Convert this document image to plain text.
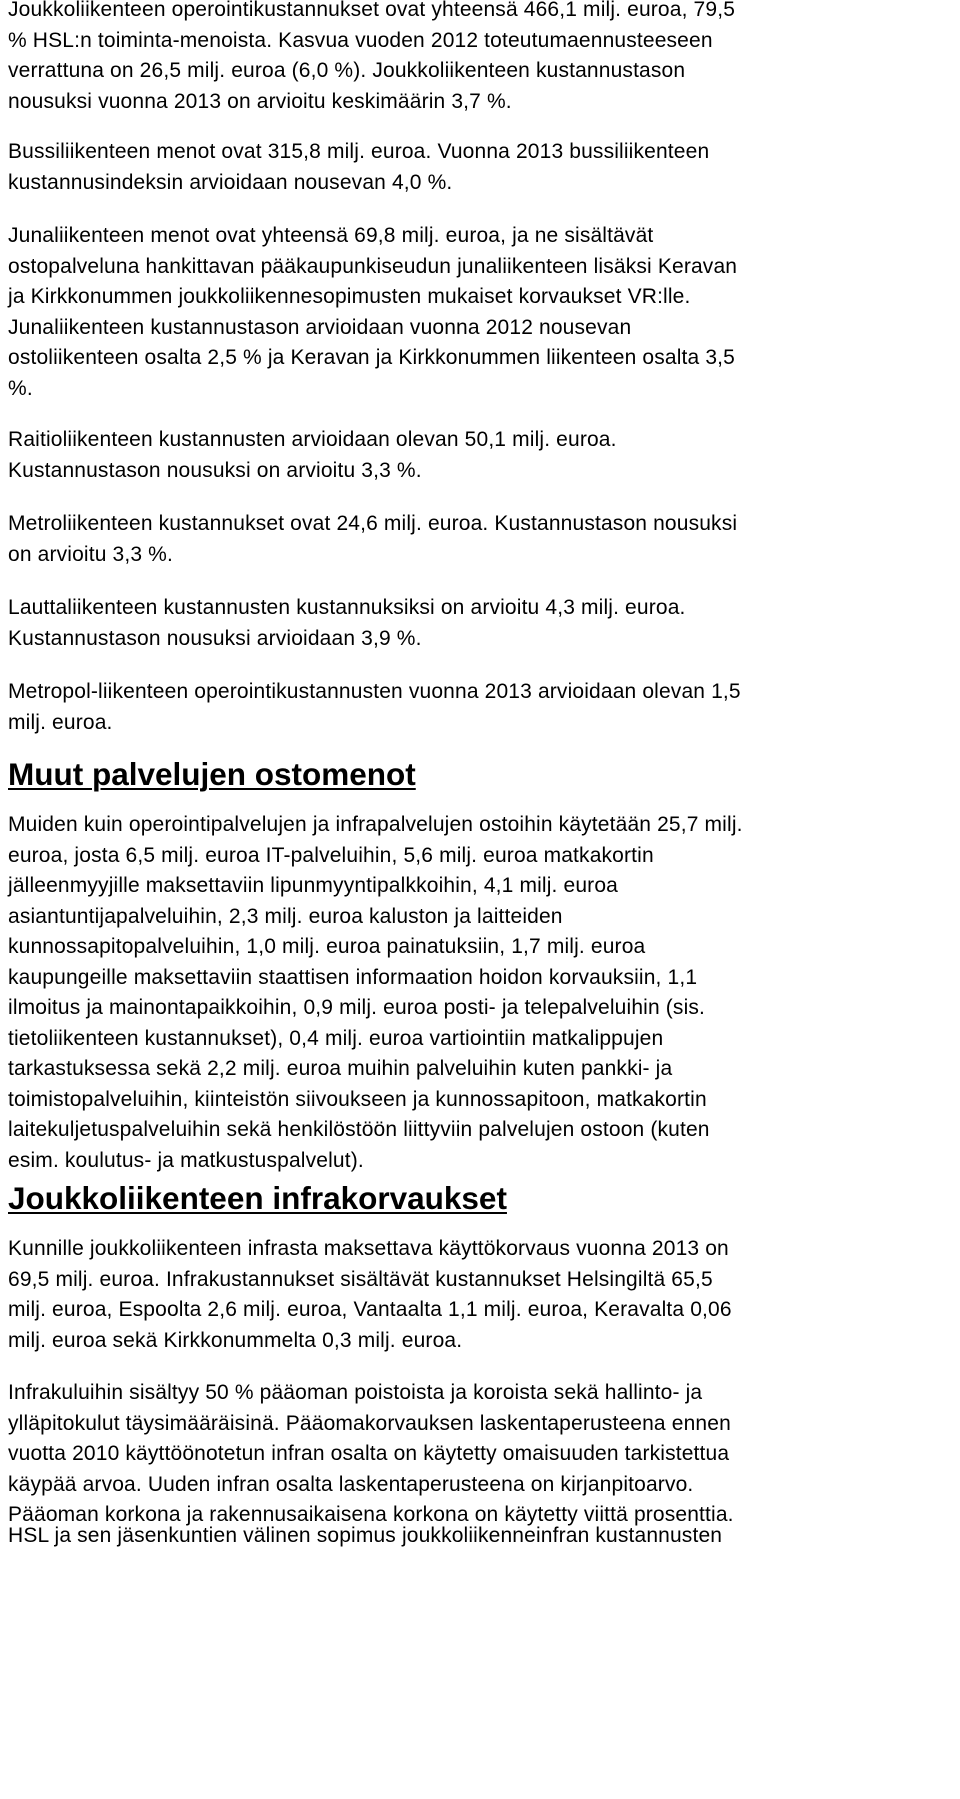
Joukkoliikenteen operointikustannukset ovat yhteensä 466,1 milj. euroa, 79,5
% HSL:n toiminta-menoista. Kasvua vuoden 2012 toteutumaennusteeseen
verrattuna on 26,5 milj. euroa (6,0 %). Joukkoliikenteen kustannustason
nousuksi vuonna 2013 on arvioitu keskimäärin 3,7 %.

Bussiliikenteen menot ovat 315,8 milj. euroa. Vuonna 2013 bussiliikenteen
kustannusindeksin arvioidaan nousevan 4,0 %.

Junaliikenteen menot ovat yhteensä 69,8 milj. euroa, ja ne sisältävät
ostopalveluna hankittavan pääkaupunkiseudun junaliikenteen lisäksi Keravan
ja Kirkkonummen joukkoliikennesopimusten mukaiset korvaukset VR:lle.
Junaliikenteen kustannustason arvioidaan vuonna 2012 nousevan
ostoliikenteen osalta 2,5 % ja Keravan ja Kirkkonummen liikenteen osalta 3,5
%.

Raitioliikenteen kustannusten arvioidaan olevan 50,1 milj. euroa.
Kustannustason nousuksi on arvioitu 3,3 %.

Metroliikenteen kustannukset ovat 24,6 milj. euroa. Kustannustason nousuksi
on arvioitu 3,3 %.

Lauttaliikenteen kustannusten kustannuksiksi on arvioitu 4,3 milj. euroa.
Kustannustason nousuksi arvioidaan 3,9 %.

Metropol-liikenteen operointikustannusten vuonna 2013 arvioidaan olevan 1,5
milj. euroa.

Muut palvelujen ostomenot

Muiden kuin operointipalvelujen ja infrapalvelujen ostoihin käytetään 25,7 milj.
euroa, josta 6,5 milj. euroa IT-palveluihin, 5,6 milj. euroa matkakortin
jälleenmyyjille maksettaviin lipunmyyntipalkkoihin, 4,1 milj. euroa
asiantuntijapalveluihin, 2,3 milj. euroa kaluston ja laitteiden
kunnossapitopalveluihin, 1,0 milj. euroa painatuksiin, 1,7 milj. euroa
kaupungeille maksettaviin staattisen informaation hoidon korvauksiin, 1,1
ilmoitus ja mainontapaikkoihin, 0,9 milj. euroa posti- ja telepalveluihin (sis.
tietoliikenteen kustannukset), 0,4 milj. euroa vartiointiin matkalippujen
tarkastuksessa sekä 2,2 milj. euroa muihin palveluihin kuten pankki- ja
toimistopalveluihin, kiinteistön siivoukseen ja kunnossapitoon, matkakortin
laitekuljetuspalveluihin sekä henkilöstöön liittyviin palvelujen ostoon (kuten
esim. koulutus- ja matkustuspalvelut).

Joukkoliikenteen infrakorvaukset

Kunnille joukkoliikenteen infrasta maksettava käyttökorvaus vuonna 2013 on
69,5 milj. euroa. Infrakustannukset sisältävät kustannukset Helsingiltä 65,5
milj. euroa, Espoolta 2,6 milj. euroa, Vantaalta 1,1 milj. euroa, Keravalta 0,06
milj. euroa sekä Kirkkonummelta 0,3 milj. euroa.

Infrakuluihin sisältyy 50 % pääoman poistoista ja koroista sekä hallinto- ja
ylläpitokulut täysimääräisinä. Pääomakorvauksen laskentaperusteena ennen
vuotta 2010 käyttöönotetun infran osalta on käytetty omaisuuden tarkistettua
käypää arvoa. Uuden infran osalta laskentaperusteena on kirjanpitoarvo.
Pääoman korkona ja rakennusaikaisena korkona on käytetty viittä prosenttia.

HSL ja sen jäsenkuntien välinen sopimus joukkoliikenneinfran kustannusten
